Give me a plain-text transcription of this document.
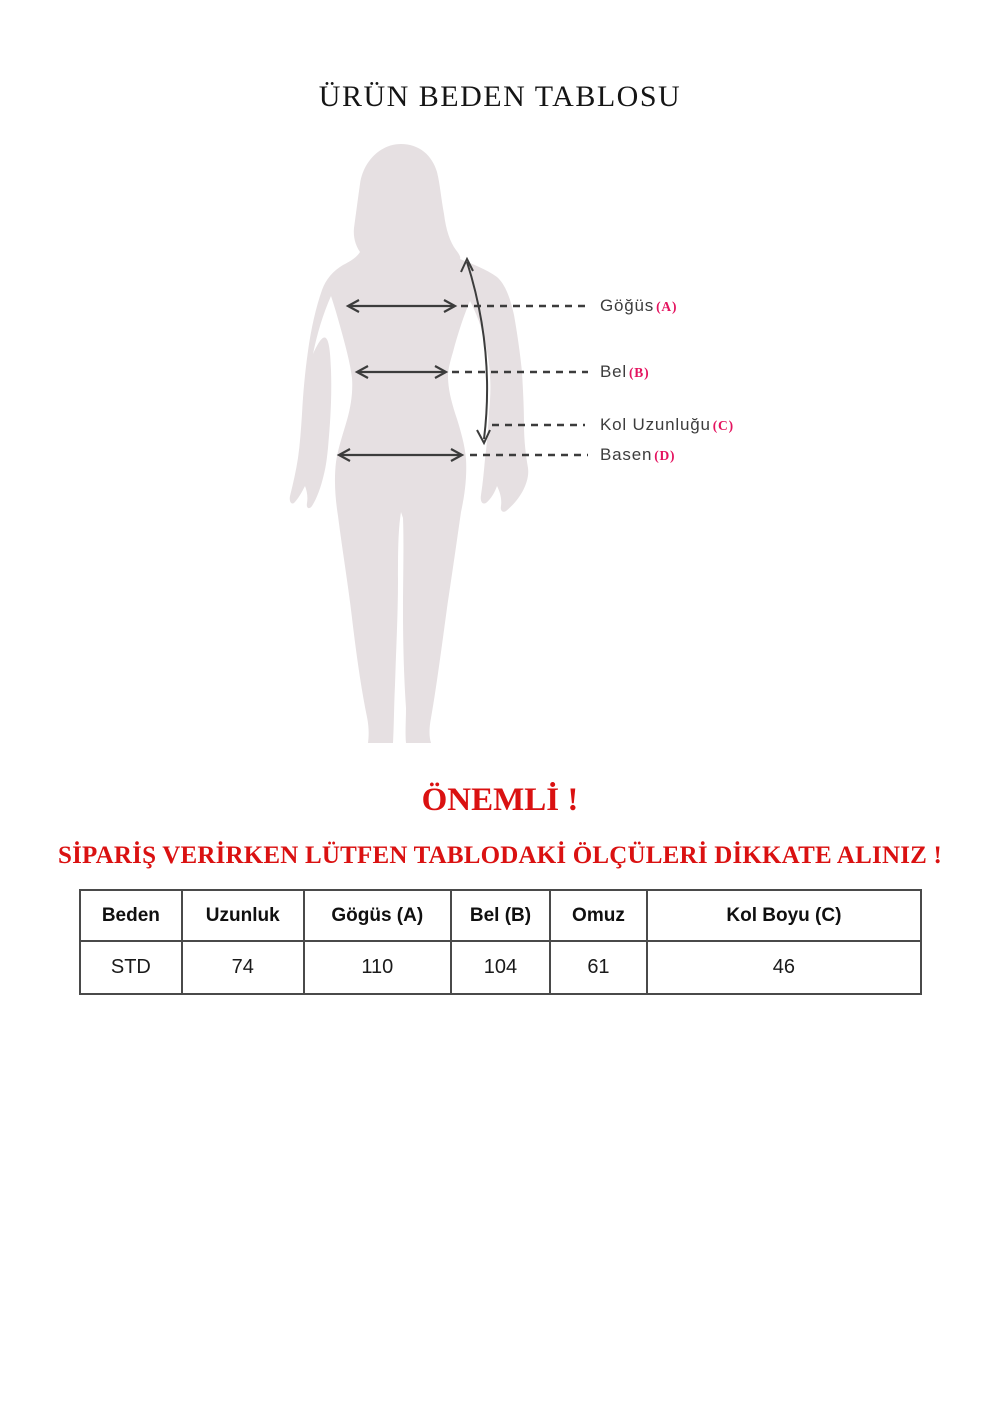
ÜRÜN BEDEN TABLOSU
Göğüs (A)
Bel (B)
Kol Uzunluğu (C)
Basen (D)
ÖNEMLİ !
SİPARİŞ VERİRKEN LÜTFEN TABLODAKİ ÖLÇÜLERİ DİKKATE ALINIZ !
Beden	Uzunluk	Gögüs (A)	Bel (B)	Omuz	Kol Boyu (C)
STD	74	110	104	61	46
